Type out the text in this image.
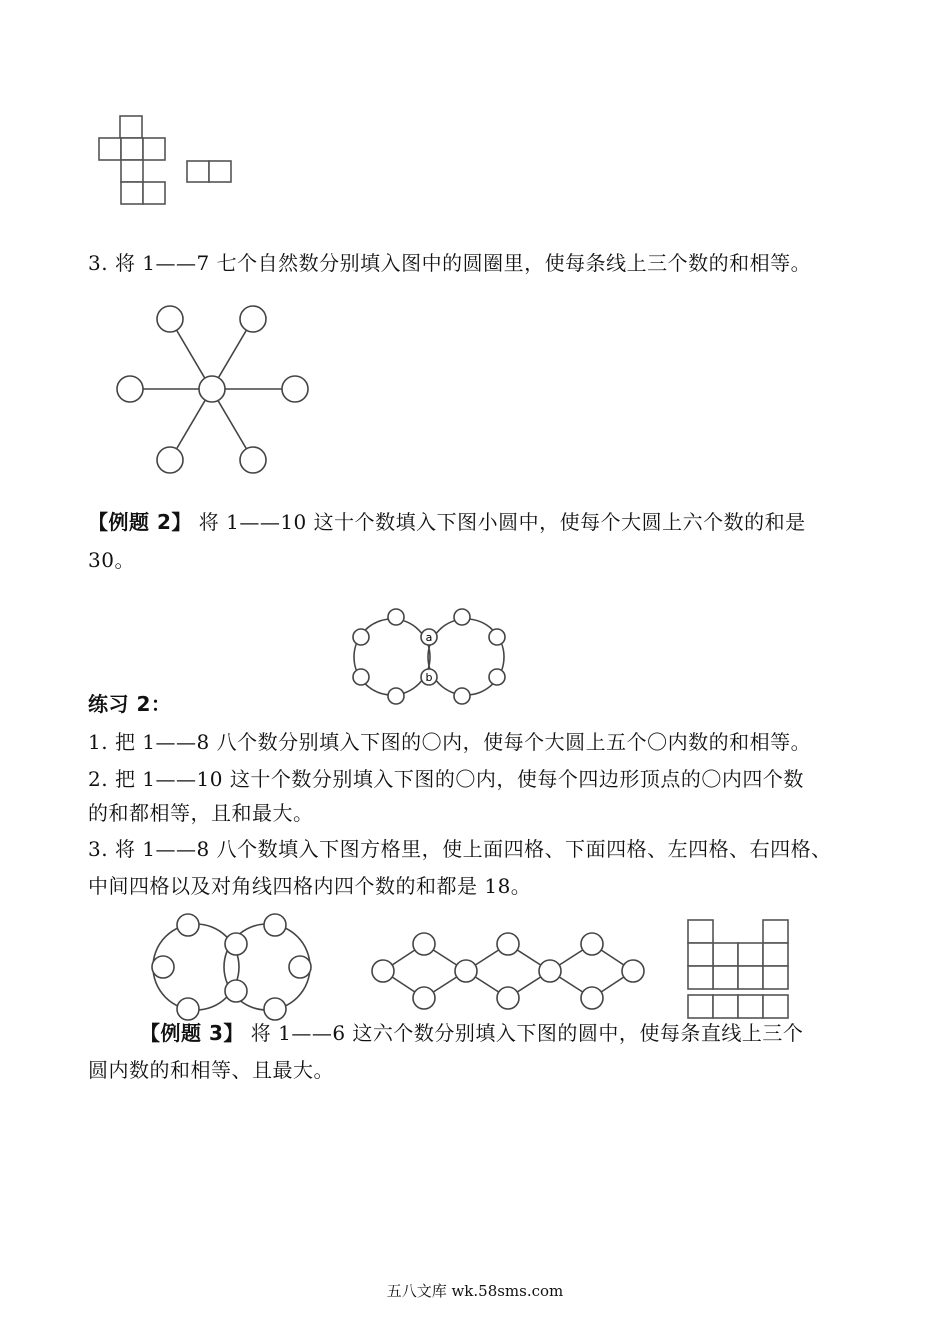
3. 将 1——7 七个自然数分别填入图中的圆圈里，使每条线上三个数的和相等。
【例题 2】 将 1——10 这十个数填入下图小圆中，使每个大圆上六个数的和是
30。
a
b
练习 2：
1. 把 1——8 八个数分别填入下图的〇内，使每个大圆上五个〇内数的和相等。
2. 把 1——10 这十个数分别填入下图的〇内，使每个四边形顶点的〇内四个数
的和都相等，且和最大。
3. 将 1——8 八个数填入下图方格里，使上面四格、下面四格、左四格、右四格、
中间四格以及对角线四格内四个数的和都是 18。
【例题 3】 将 1——6 这六个数分别填入下图的圆中，使每条直线上三个
圆内数的和相等、且最大。
五八文库 wk.58sms.com
